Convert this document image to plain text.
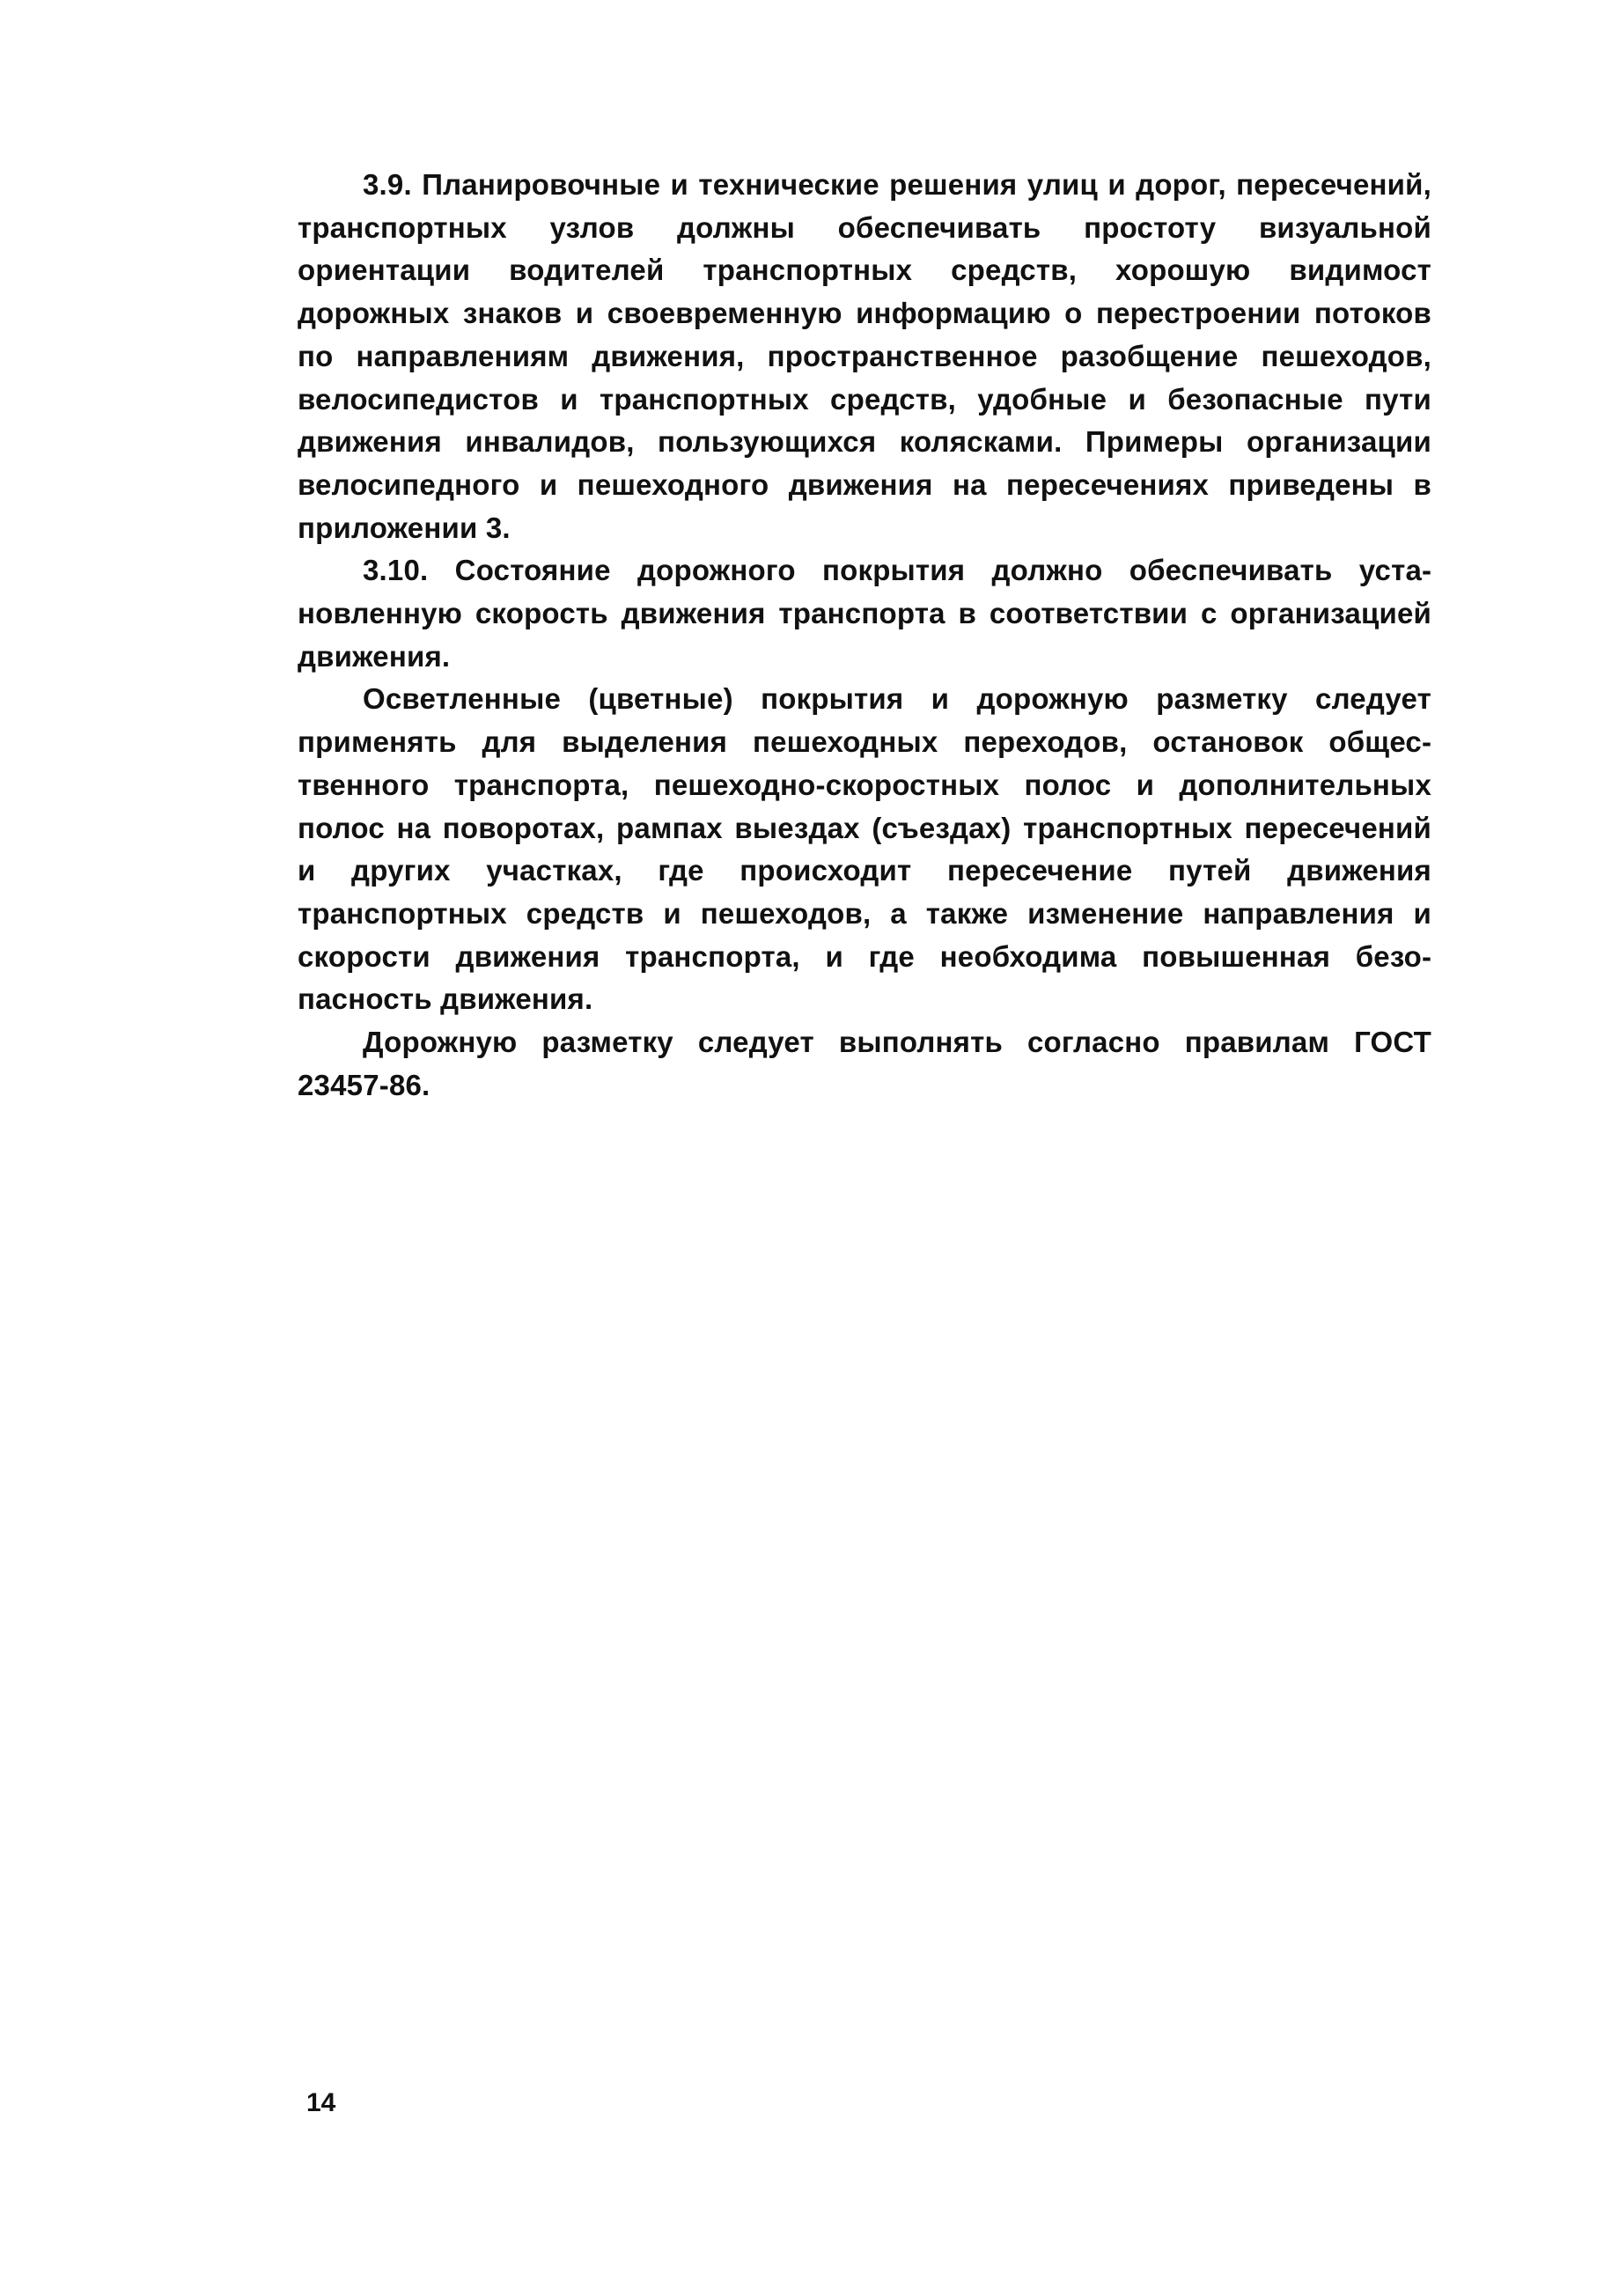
3.9. Планировочные и технические решения улиц и дорог, пересечений, транспортных узлов должны обеспечивать простоту визуальной ориентации водителей транспортных средств, хорошую видимост дорожных знаков и своевременную информацию о перестроении потоков по направлениям движения, пространственное разобщение пешеходов, велосипедистов и транспортных средств, удобные и безопасные пути движения инвалидов, пользующихся колясками. Примеры организации велосипедного и пешеходного движения на пересечениях приведены в приложении 3.

3.10. Состояние дорожного покрытия должно обеспечивать установленную скорость движения транспорта в соответствии с организацией движения.

Осветленные (цветные) покрытия и дорожную разметку следует применять для выделения пешеходных переходов, остановок общественного транспорта, пешеходно-скоростных полос и дополнительных полос на поворотах, рампах выездах (съездах) транспортных пересечений и других участках, где происходит пересечение путей движения транспортных средств и пешеходов, а также изменение направления и скорости движения транспорта, и где необходима повышенная безопасность движения.

Дорожную разметку следует выполнять согласно правилам ГОСТ 23457-86.

14
